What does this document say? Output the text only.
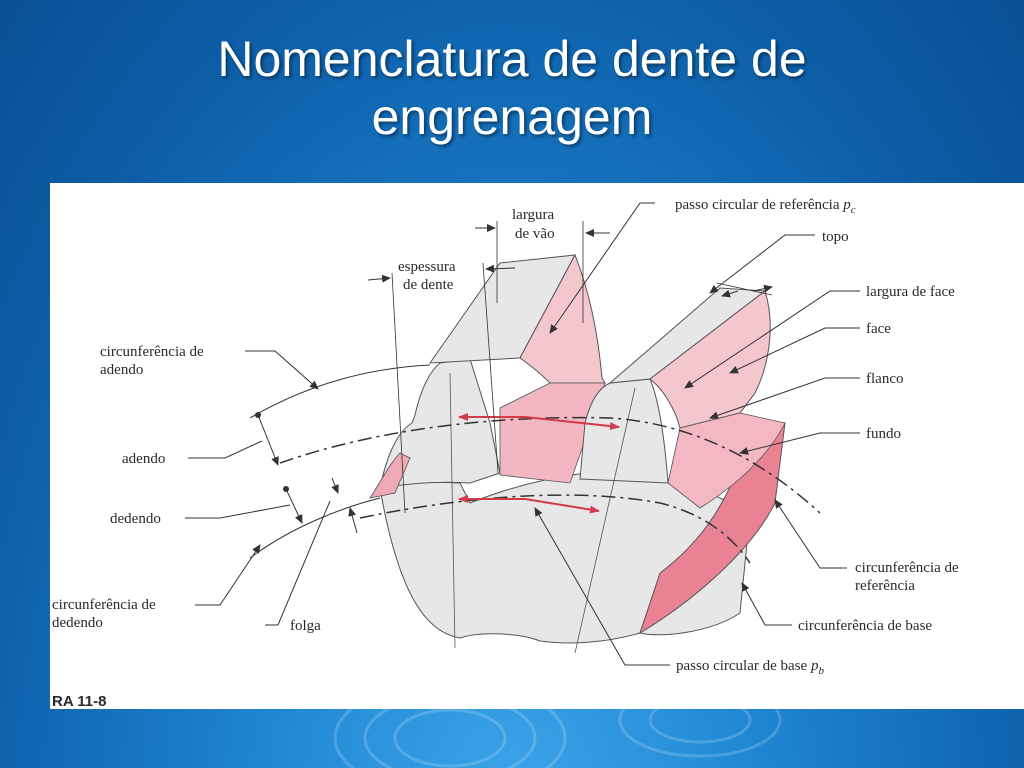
Nomenclatura de dente de
engrenagem
largura
de vão
espessura
de dente
passo circular de referência $p_c$
topo
largura de face
face
flanco
fundo
circunferência de
adendo
adendo
dedendo
circunferência de
dedendo	folga
circunferência de
referência
circunferência de base
passo circular de base $p_b$
RA 11-8
